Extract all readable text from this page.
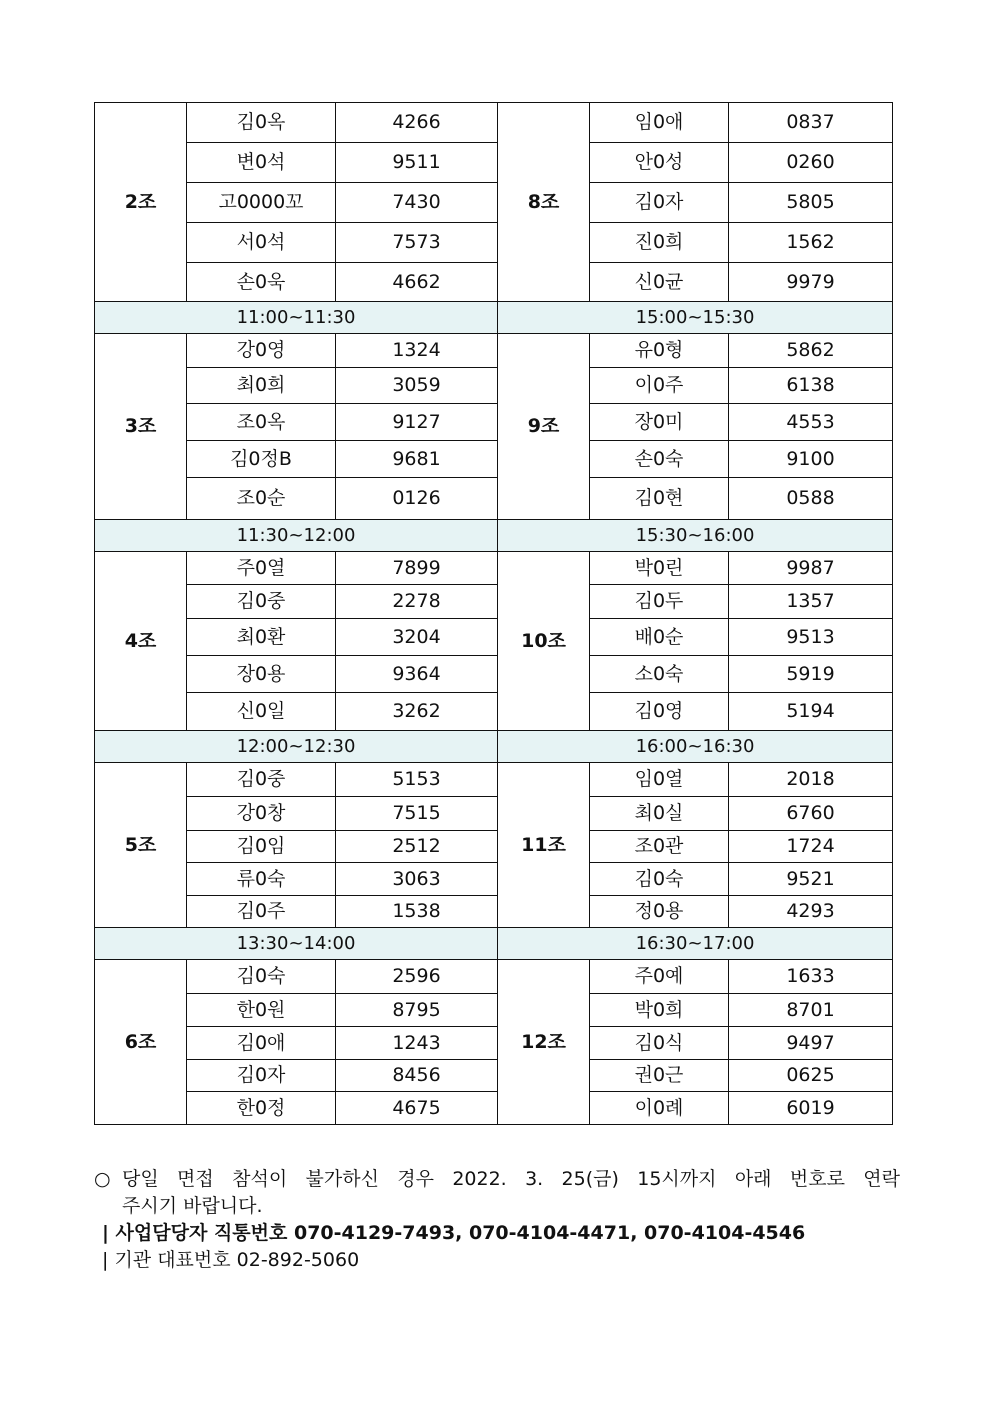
2조	김0옥	4266	8조	임0애	0837
	변0석	9511		안0성	0260
	고0000꼬	7430		김0자	5805
	서0석	7573		진0희	1562
	손0욱	4662		신0균	9979
11:00~11:30			15:00~15:30		
3조	강0영	1324	9조	유0형	5862
	최0희	3059		이0주	6138
	조0옥	9127		장0미	4553
	김0정B	9681		손0숙	9100
	조0순	0126		김0현	0588
11:30~12:00			15:30~16:00		
4조	주0열	7899	10조	박0린	9987
	김0중	2278		김0두	1357
	최0환	3204		배0순	9513
	장0용	9364		소0숙	5919
	신0일	3262		김0영	5194
12:00~12:30			16:00~16:30		
5조	김0중	5153	11조	임0열	2018
	강0창	7515		최0실	6760
	김0임	2512		조0관	1724
	류0숙	3063		김0숙	9521
	김0주	1538		정0용	4293
13:30~14:00			16:30~17:00		
6조	김0숙	2596	12조	주0예	1633
	한0원	8795		박0희	8701
	김0애	1243		김0식	9497
	김0자	8456		권0근	0625
	한0정	4675		이0례	6019
○ 당일 면접 참석이 불가하신 경우 2022. 3. 25(금) 15시까지 아래 번호로 연락
주시기 바랍니다.
| 사업담당자 직통번호 070-4129-7493, 070-4104-4471, 070-4104-4546
| 기관 대표번호 02-892-5060
